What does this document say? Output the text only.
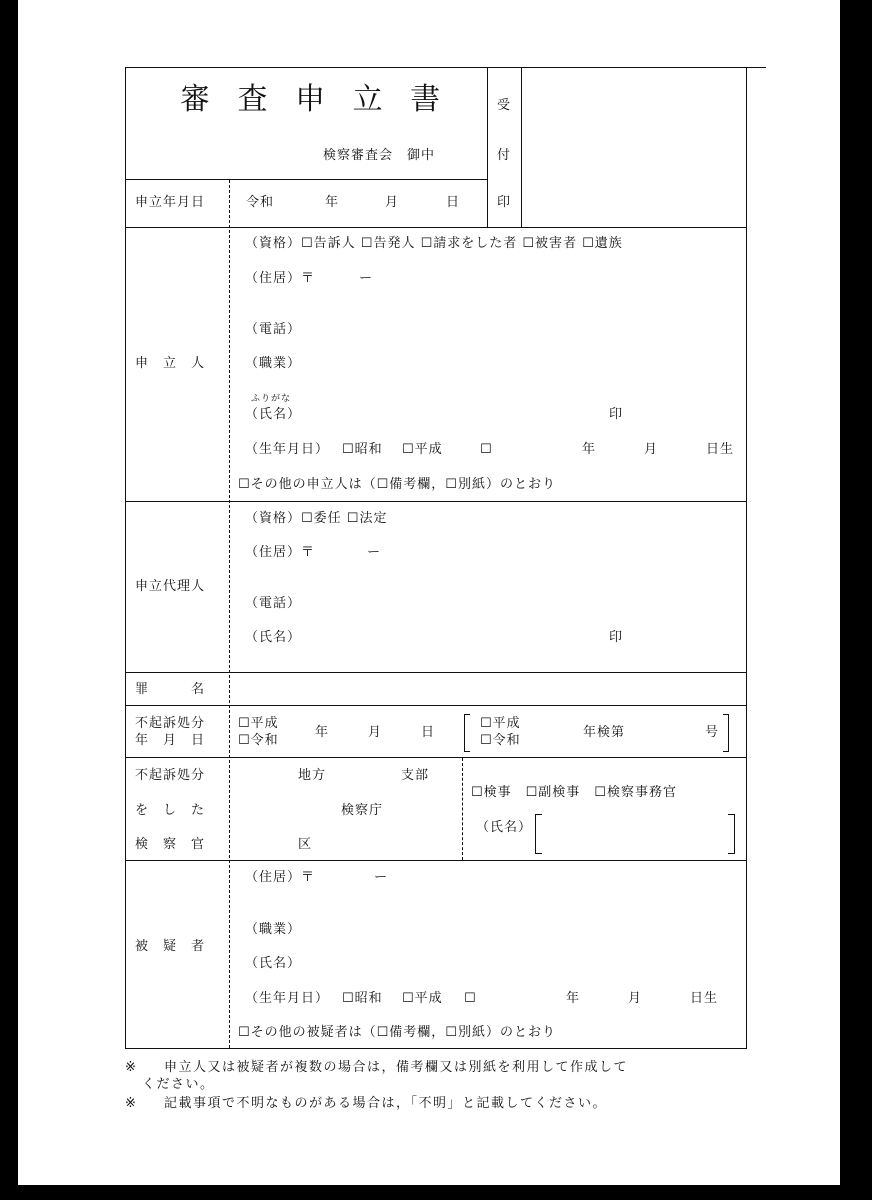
審 査 申 立 書
検察審査会　御中
受
付
印
申立年月日	令和	年	月	日
申　立　人
（資格）☐告訴人 ☐告発人 ☐請求をした者 ☐被害者 ☐遺族
（住居）〒	ー
（電話）
（職業）
ふりがな
（氏名）	印
（生年月日） ☐昭和 ☐平成	☐	年	月	日生
☐その他の申立人は（☐備考欄，☐別紙）のとおり
申立代理人
（資格）☐委任 ☐法定
（住居）〒	ー
（電話）
（氏名）	印
罪　　　名
不起訴処分
年　月　日
☐平成
☐令和
年	月	日
☐平成
☐令和
年検第	号
不起訴処分
を　し　た
検　察　官
地方	支部
検察庁
区
☐検事　☐副検事　☐検察事務官
（氏名）
被　疑　者
（住居）〒	ー
（職業）
（氏名）
（生年月日） ☐昭和 ☐平成 ☐	年	月	日生
☐その他の被疑者は（☐備考欄，☐別紙）のとおり
※ 申立人又は被疑者が複数の場合は，備考欄又は別紙を利用して作成して
ください。
※ 記載事項で不明なものがある場合は，「不明」と記載してください。
